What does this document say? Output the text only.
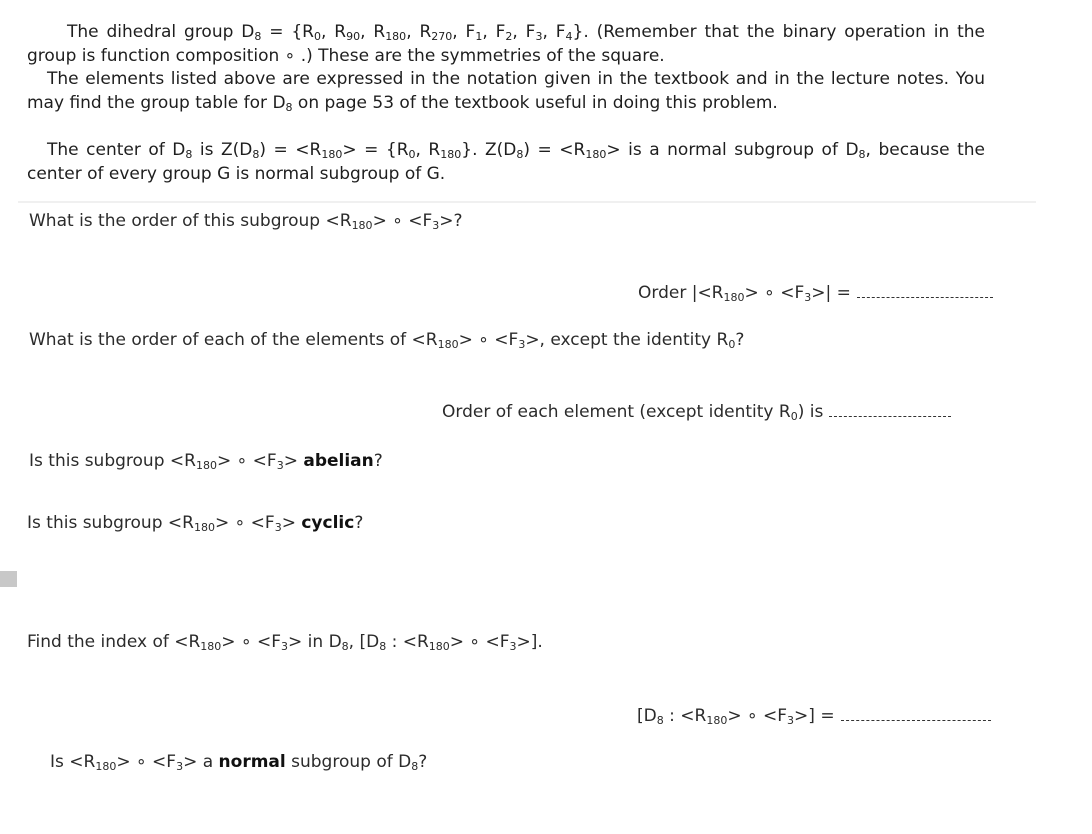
The dihedral group $D_8 = \{R_0$, $R_{90}$, $R_{180}$, $R_{270}$, $F_1$, $F_2$, $F_3$, $F_4$}. (Remember that the binary operation in the group is function composition ∘ .) These are the symmetries of the square.
The elements listed above are expressed in the notation given in the textbook and in the lecture notes. You may find the group table for $D_8$ on page 53 of the textbook useful in doing this problem.
The center of $D_8$ is $Z(D_8) = <R_{180}> = \{R_0$, $R_{180}$}. $Z(D_8) = <R_{180}>$ is a normal subgroup of $D_8$, because the center of every group G is normal subgroup of G.
What is the order of this subgroup $<R_{180}>$ ∘ $<F_3>$?
Order $|<R_{180}>$ ∘ $<F_3>|$ =
What is the order of each of the elements of $<R_{180}>$ ∘ $<F_3>$, except the identity $R_0$?
Order of each element (except identity $R_0$) is
Is this subgroup $<R_{180}>$ ∘ $<F_3>$ abelian?
Is this subgroup $<R_{180}>$ ∘ $<F_3>$ cyclic?
Find the index of $<R_{180}>$ ∘ $<F_3>$ in $D_8$, [$D_8$ : $<R_{180}>$ ∘ $<F_3>$].
[$D_8$ : $<R_{180}>$ ∘ $<F_3>$] =
$Is <R_{180}>$ ∘ $<F_3> a$ normal subgroup of $D_8$?
